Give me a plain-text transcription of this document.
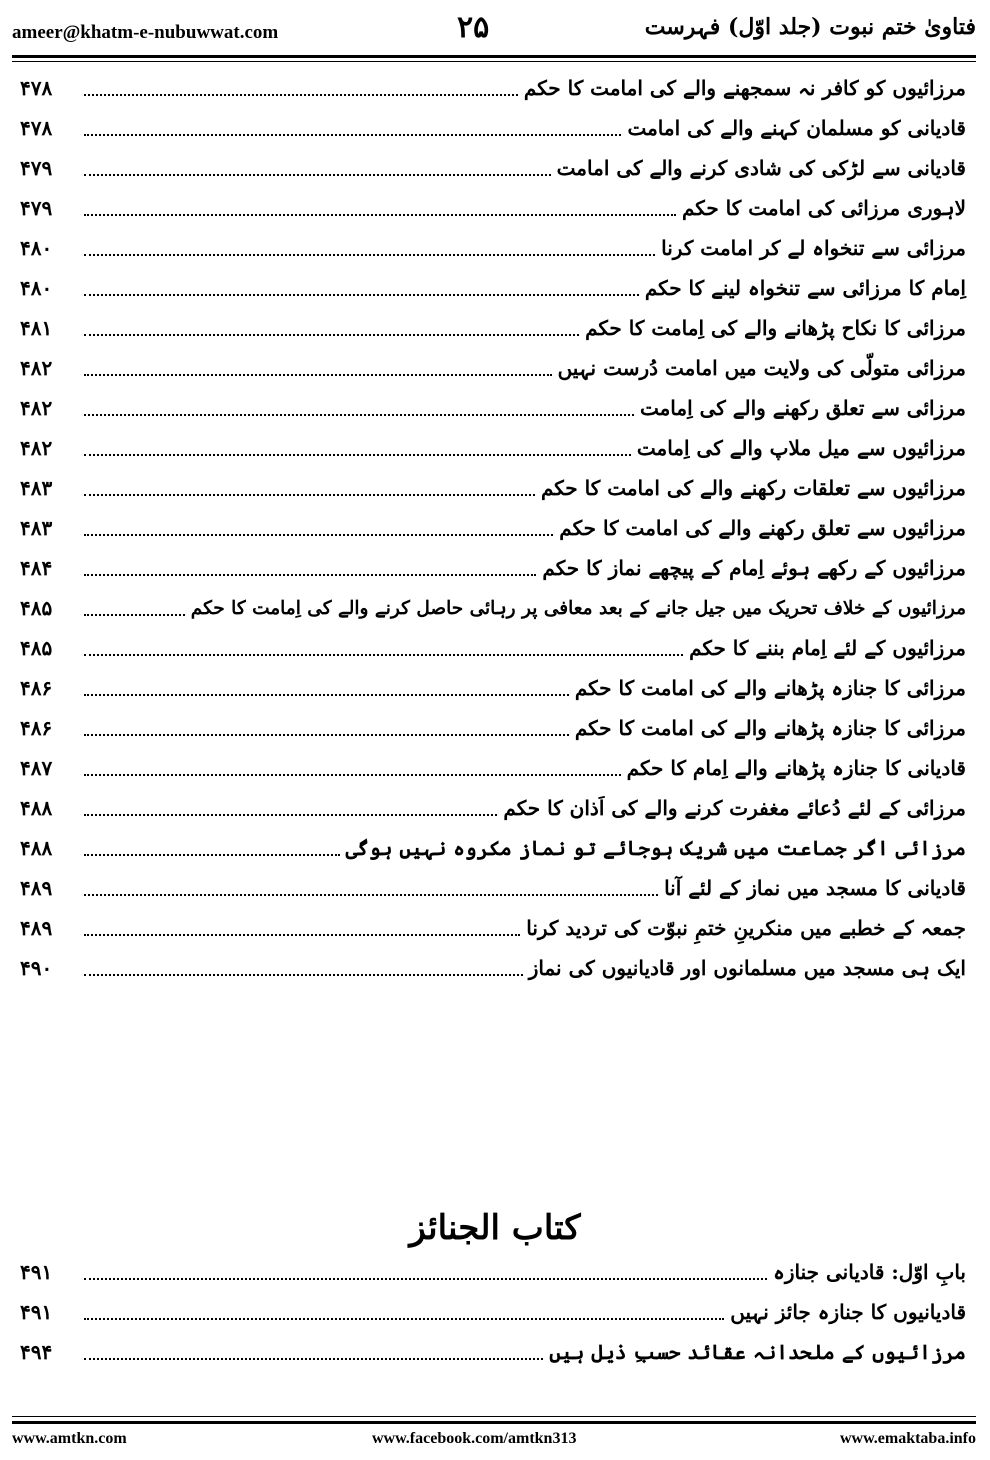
ameer@khatm-e-nubuwwat.com	۲۵	فتاویٰ ختم نبوت (جلد اوّل) فہرست
مرزائیوں کو کافر نہ سمجھنے والے کی امامت کا حکم
۴۷۸
قادیانی کو مسلمان کہنے والے کی امامت
۴۷۸
قادیانی سے لڑکی کی شادی کرنے والے کی امامت
۴۷۹
لاہوری مرزائی کی امامت کا حکم
۴۷۹
مرزائی سے تنخواہ لے کر امامت کرنا
۴۸۰
اِمام کا مرزائی سے تنخواہ لینے کا حکم
۴۸۰
مرزائی کا نکاح پڑھانے والے کی اِمامت کا حکم
۴۸۱
مرزائی متولّی کی ولایت میں امامت دُرست نہیں
۴۸۲
مرزائی سے تعلق رکھنے والے کی اِمامت
۴۸۲
مرزائیوں سے میل ملاپ والے کی اِمامت
۴۸۲
مرزائیوں سے تعلقات رکھنے والے کی امامت کا حکم
۴۸۳
مرزائیوں سے تعلق رکھنے والے کی امامت کا حکم
۴۸۳
مرزائیوں کے رکھے ہوئے اِمام کے پیچھے نماز کا حکم
۴۸۴
مرزائیوں کے خلاف تحریک میں جیل جانے کے بعد معافی پر رہائی حاصل کرنے والے کی اِمامت کا حکم
۴۸۵
مرزائیوں کے لئے اِمام بننے کا حکم
۴۸۵
مرزائی کا جنازہ پڑھانے والے کی امامت کا حکم
۴۸۶
مرزائی کا جنازہ پڑھانے والے کی امامت کا حکم
۴۸۶
قادیانی کا جنازہ پڑھانے والے اِمام کا حکم
۴۸۷
مرزائی کے لئے دُعائے مغفرت کرنے والے کی اَذان کا حکم
۴۸۸
مرزائی اگر جماعت میں شریک ہوجائے تو نماز مکروہ نہیں ہوگی
۴۸۸
قادیانی کا مسجد میں نماز کے لئے آنا
۴۸۹
جمعہ کے خطبے میں منکرینِ ختمِ نبوّت کی تردید کرنا
۴۸۹
ایک ہی مسجد میں مسلمانوں اور قادیانیوں کی نماز
۴۹۰
کتاب الجنائز
بابِ اوّل: قادیانی جنازہ
۴۹۱
قادیانیوں کا جنازہ جائز نہیں
۴۹۱
مرزائیوں کے ملحدانہ عقائد حسبِ ذیل ہیں
۴۹۴
www.amtkn.com	www.facebook.com/amtkn313	www.emaktaba.info
